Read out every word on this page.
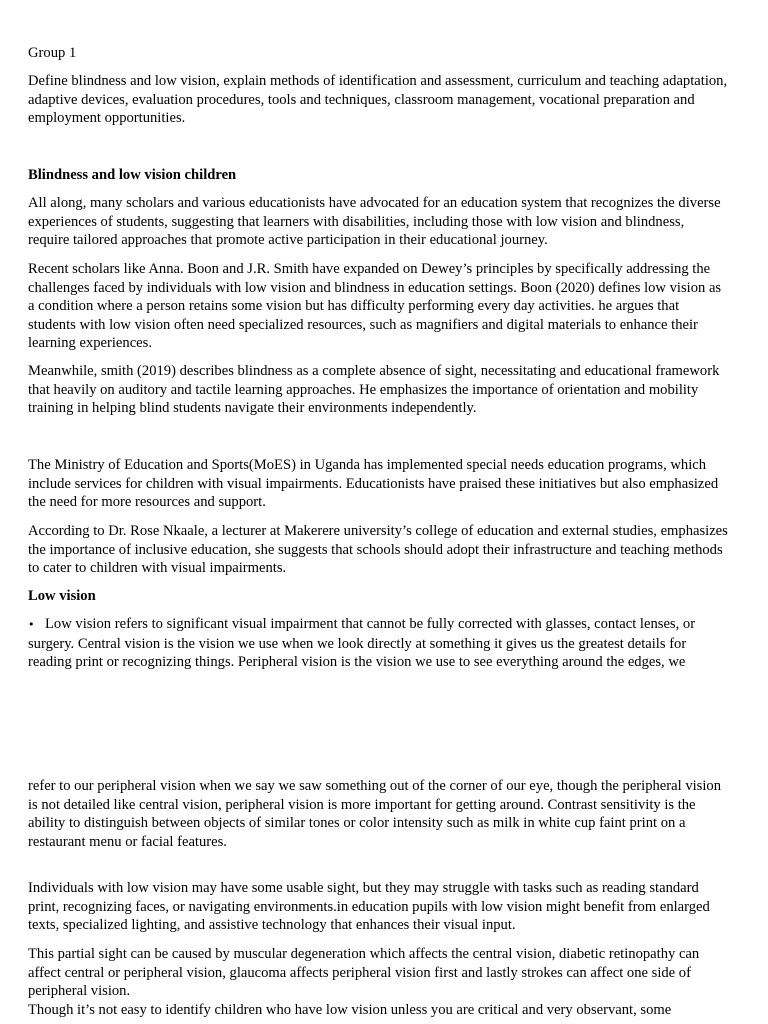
Group 1

Define blindness and low vision, explain methods of identification and assessment, curriculum and teaching adaptation, adaptive devices, evaluation procedures, tools and techniques, classroom management, vocational preparation and employment opportunities.

Blindness and low vision children

All along, many scholars and various educationists have advocated for an education system that recognizes the diverse experiences of students, suggesting that learners with disabilities, including those with low vision and blindness, require tailored approaches that promote active participation in their educational journey.

Recent scholars like Anna. Boon and J.R. Smith have expanded on Dewey’s principles by specifically addressing the challenges faced by individuals with low vision and blindness in education settings. Boon (2020) defines low vision as a condition where a person retains some vision but has difficulty performing every day activities. he argues that students with low vision often need specialized resources, such as magnifiers and digital materials to enhance their learning experiences.

Meanwhile, smith (2019) describes blindness as a complete absence of sight, necessitating and educational framework that heavily on auditory and tactile learning approaches. He emphasizes the importance of orientation and mobility training in helping blind students navigate their environments independently.

The Ministry of Education and Sports(MoES) in Uganda has implemented special needs education programs, which include services for children with visual impairments. Educationists have praised these initiatives but also emphasized the need for more resources and support.

According to Dr. Rose Nkaale, a lecturer at Makerere university’s college of education and external studies, emphasizes the importance of inclusive education, she suggests that schools should adopt their infrastructure and teaching methods to cater to children with visual impairments.

Low vision

• Low vision refers to significant visual impairment that cannot be fully corrected with glasses, contact lenses, or surgery. Central vision is the vision we use when we look directly at something it gives us the greatest details for reading print or recognizing things. Peripheral vision is the vision we use to see everything around the edges, we

refer to our peripheral vision when we say we saw something out of the corner of our eye, though the peripheral vision is not detailed like central vision, peripheral vision is more important for getting around. Contrast sensitivity is the ability to distinguish between objects of similar tones or color intensity such as milk in white cup faint print on a restaurant menu or facial features.

Individuals with low vision may have some usable sight, but they may struggle with tasks such as reading standard print, recognizing faces, or navigating environments.in education pupils with low vision might benefit from enlarged texts, specialized lighting, and assistive technology that enhances their visual input.

This partial sight can be caused by muscular degeneration which affects the central vision, diabetic retinopathy can affect central or peripheral vision, glaucoma affects peripheral vision first and lastly strokes can affect one side of peripheral vision.
Though it’s not easy to identify children who have low vision unless you are critical and very observant, some
